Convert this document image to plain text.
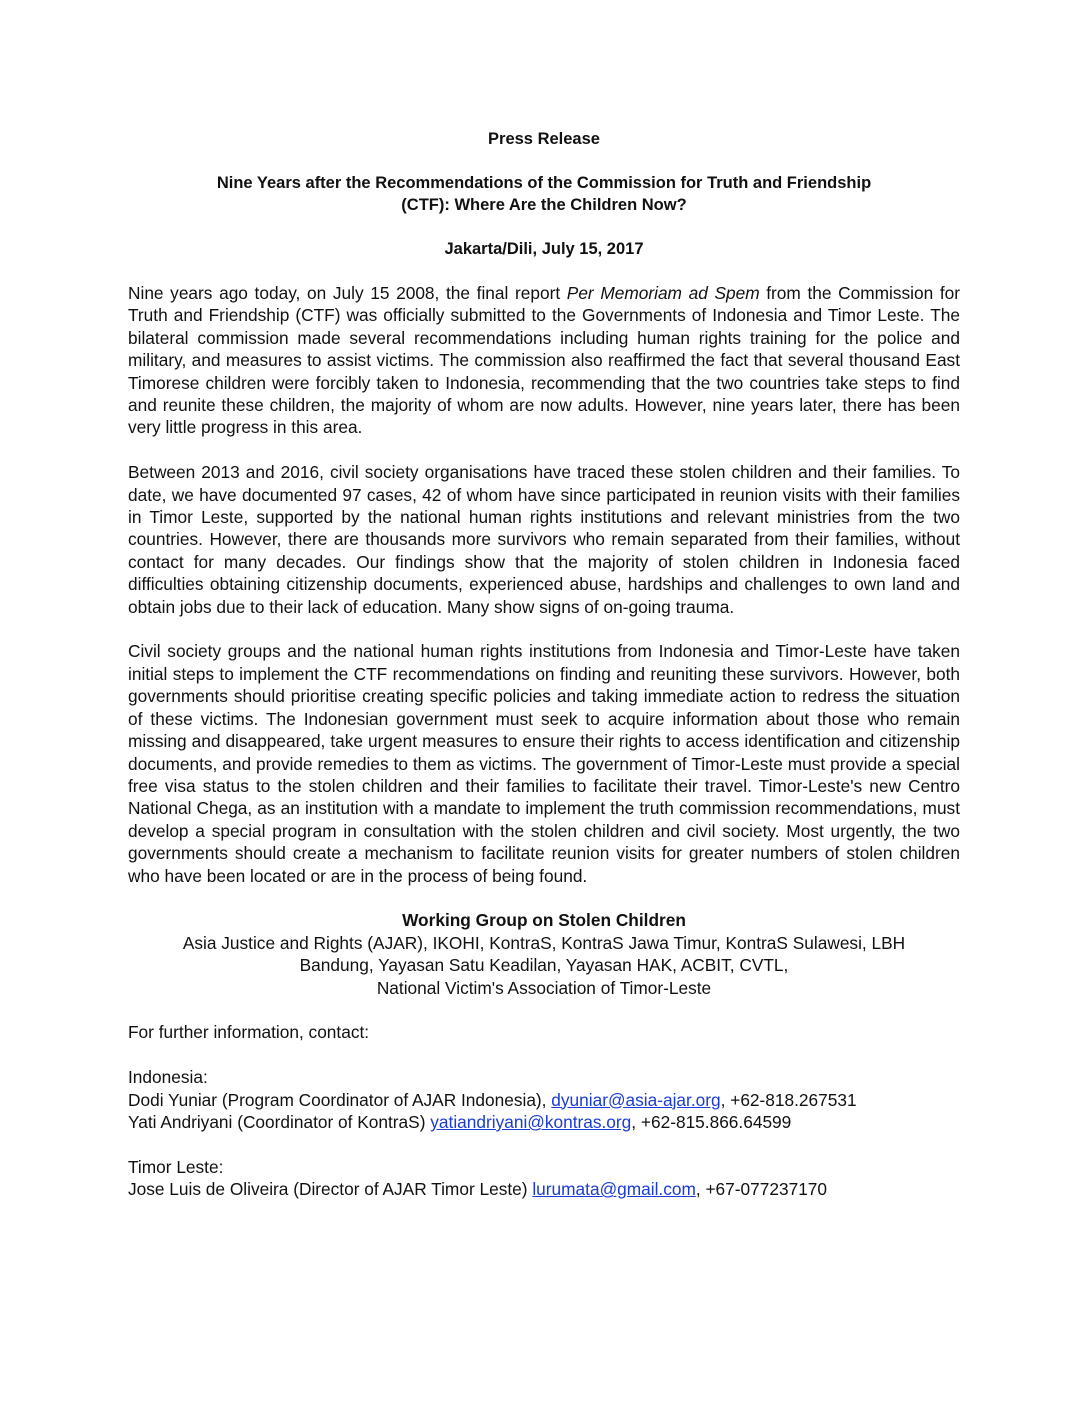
Press Release

Nine Years after the Recommendations of the Commission for Truth and Friendship

(CTF): Where Are the Children Now?

Jakarta/Dili, July 15, 2017

Nine years ago today, on July 15 2008, the final report Per Memoriam ad Spem from the Commission for Truth and Friendship (CTF) was officially submitted to the Governments of Indonesia and Timor Leste. The bilateral commission made several recommendations including human rights training for the police and military, and measures to assist victims. The commission also reaffirmed the fact that several thousand East Timorese children were forcibly taken to Indonesia, recommending that the two countries take steps to find and reunite these children, the majority of whom are now adults. However, nine years later, there has been very little progress in this area.

Between 2013 and 2016, civil society organisations have traced these stolen children and their families. To date, we have documented 97 cases, 42 of whom have since participated in reunion visits with their families in Timor Leste, supported by the national human rights institutions and relevant ministries from the two countries. However, there are thousands more survivors who remain separated from their families, without contact for many decades. Our findings show that the majority of stolen children in Indonesia faced difficulties obtaining citizenship documents, experienced abuse, hardships and challenges to own land and obtain jobs due to their lack of education. Many show signs of on-going trauma.

Civil society groups and the national human rights institutions from Indonesia and Timor-Leste have taken initial steps to implement the CTF recommendations on finding and reuniting these survivors. However, both governments should prioritise creating specific policies and taking immediate action to redress the situation of these victims. The Indonesian government must seek to acquire information about those who remain missing and disappeared, take urgent measures to ensure their rights to access identification and citizenship documents, and provide remedies to them as victims. The government of Timor-Leste must provide a special free visa status to the stolen children and their families to facilitate their travel. Timor-Leste's new Centro National Chega, as an institution with a mandate to implement the truth commission recommendations, must develop a special program in consultation with the stolen children and civil society. Most urgently, the two governments should create a mechanism to facilitate reunion visits for greater numbers of stolen children who have been located or are in the process of being found.

Working Group on Stolen Children

Asia Justice and Rights (AJAR), IKOHI, KontraS, KontraS Jawa Timur, KontraS Sulawesi, LBH
Bandung, Yayasan Satu Keadilan, Yayasan HAK, ACBIT, CVTL,
National Victim's Association of Timor-Leste

For further information, contact:

Indonesia:

Dodi Yuniar (Program Coordinator of AJAR Indonesia), dyuniar@asia-ajar.org, +62-818.267531

Yati Andriyani (Coordinator of KontraS) yatiandriyani@kontras.org, +62-815.866.64599

Timor Leste:

Jose Luis de Oliveira (Director of AJAR Timor Leste) lurumata@gmail.com, +67-077237170
